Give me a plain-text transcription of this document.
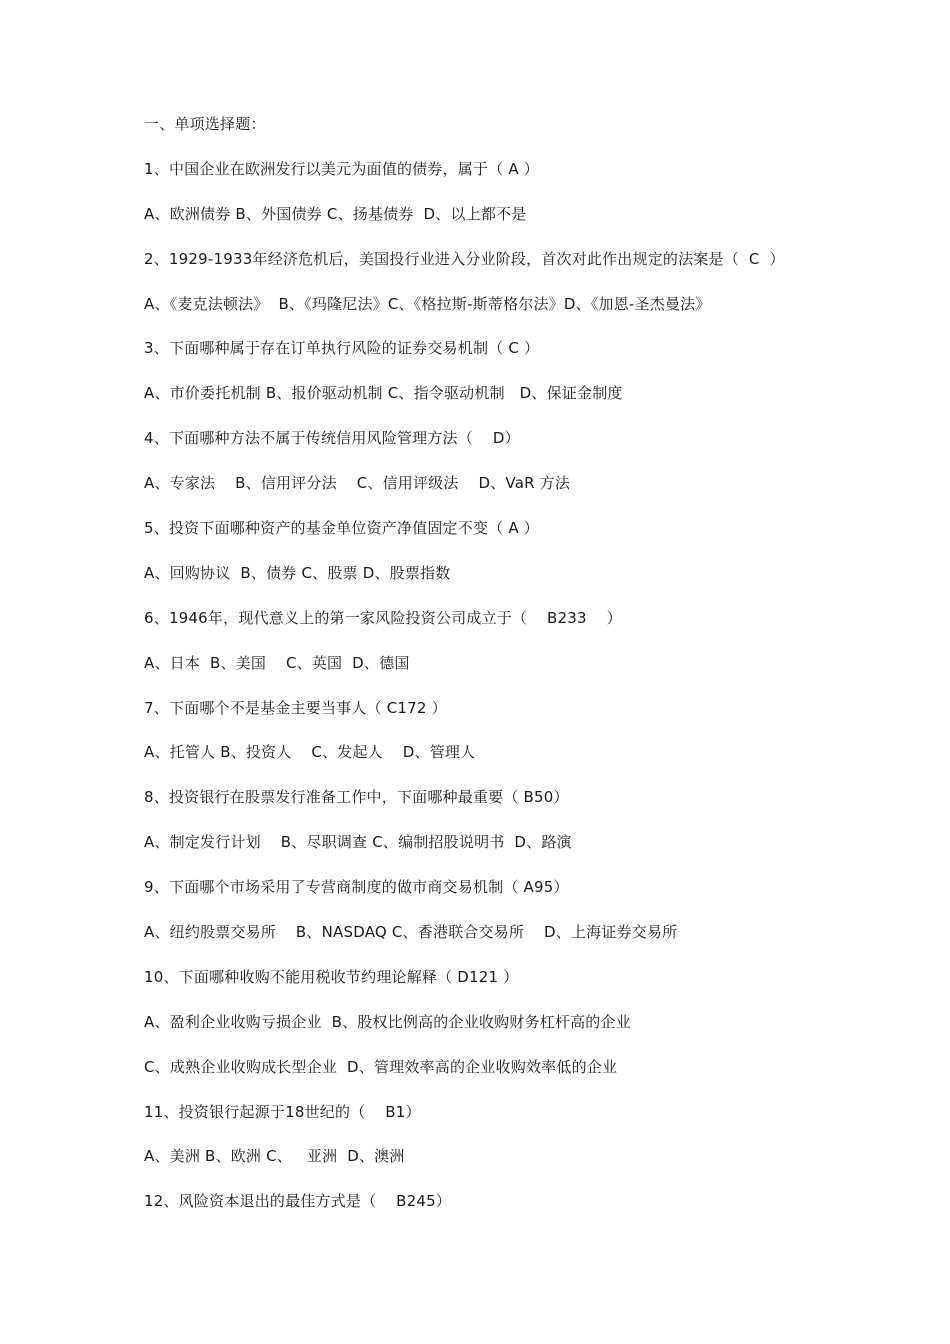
一、单项选择题：
1、中国企业在欧洲发行以美元为面值的债券，属于（ A ）
A、欧洲债券 B、外国债券 C、扬基债券  D、以上都不是
2、1929-1933年经济危机后，美国投行业进入分业阶段，首次对此作出规定的法案是（  C  ）
A、《麦克法顿法》  B、《玛隆尼法》C、《格拉斯-斯蒂格尔法》D、《加恩-圣杰曼法》
3、下面哪种属于存在订单执行风险的证券交易机制（ C ）
A、市价委托机制 B、报价驱动机制 C、指令驱动机制   D、保证金制度
4、下面哪种方法不属于传统信用风险管理方法（    D）
A、专家法    B、信用评分法    C、信用评级法    D、VaR 方法
5、投资下面哪种资产的基金单位资产净值固定不变（ A ）
A、回购协议  B、债券 C、股票 D、股票指数
6、1946年，现代意义上的第一家风险投资公司成立于（    B233    ）
A、日本  B、美国    C、英国  D、德国
7、下面哪个不是基金主要当事人（ C172 ）
A、托管人 B、投资人    C、发起人    D、管理人
8、投资银行在股票发行准备工作中，下面哪种最重要（ B50）
A、制定发行计划    B、尽职调查 C、编制招股说明书  D、路演
9、下面哪个市场采用了专营商制度的做市商交易机制（ A95）
A、纽约股票交易所    B、NASDAQ C、香港联合交易所    D、上海证券交易所
10、下面哪种收购不能用税收节约理论解释（ D121 ）
A、盈利企业收购亏损企业  B、股权比例高的企业收购财务杠杆高的企业
C、成熟企业收购成长型企业  D、管理效率高的企业收购效率低的企业
11、投资银行起源于18世纪的（    B1）
A、美洲 B、欧洲 C、   亚洲  D、澳洲
12、风险资本退出的最佳方式是（    B245）
